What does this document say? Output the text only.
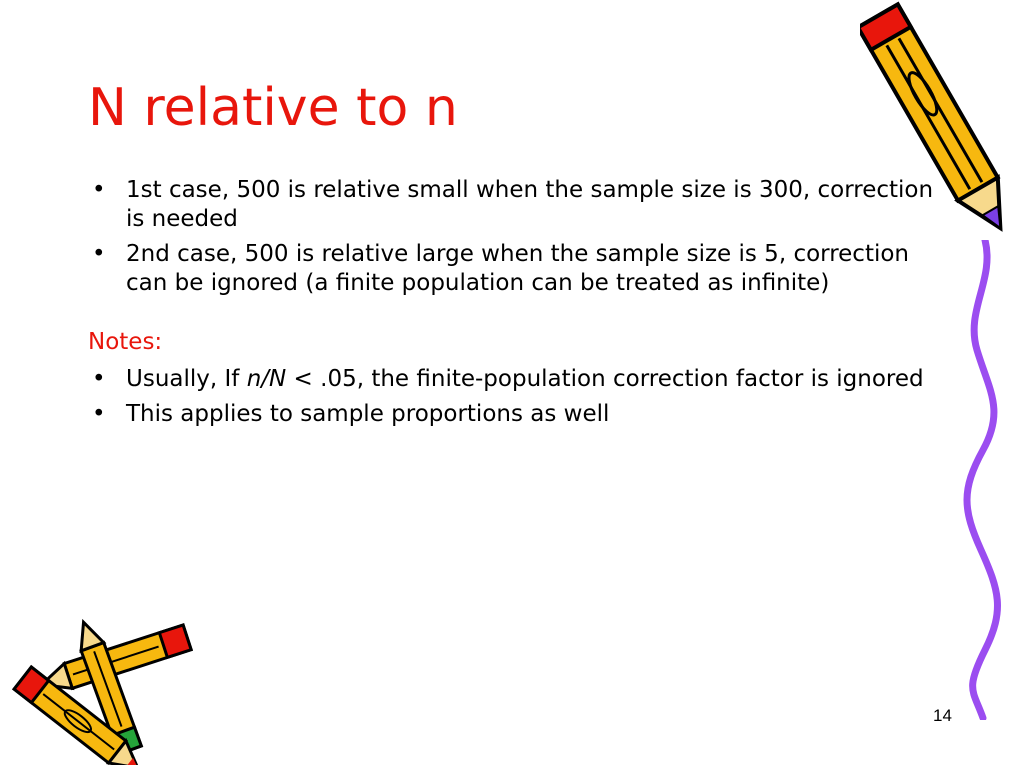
N relative to n
• 1st case, 500 is relative small when the sample size is 300, correction is needed
• 2nd case, 500 is relative large when the sample size is 5, correction can be ignored (a finite population can be treated as infinite)
Notes:
• Usually, If n/N < .05, the finite-population correction factor is ignored
• This applies to sample proportions as well
14
